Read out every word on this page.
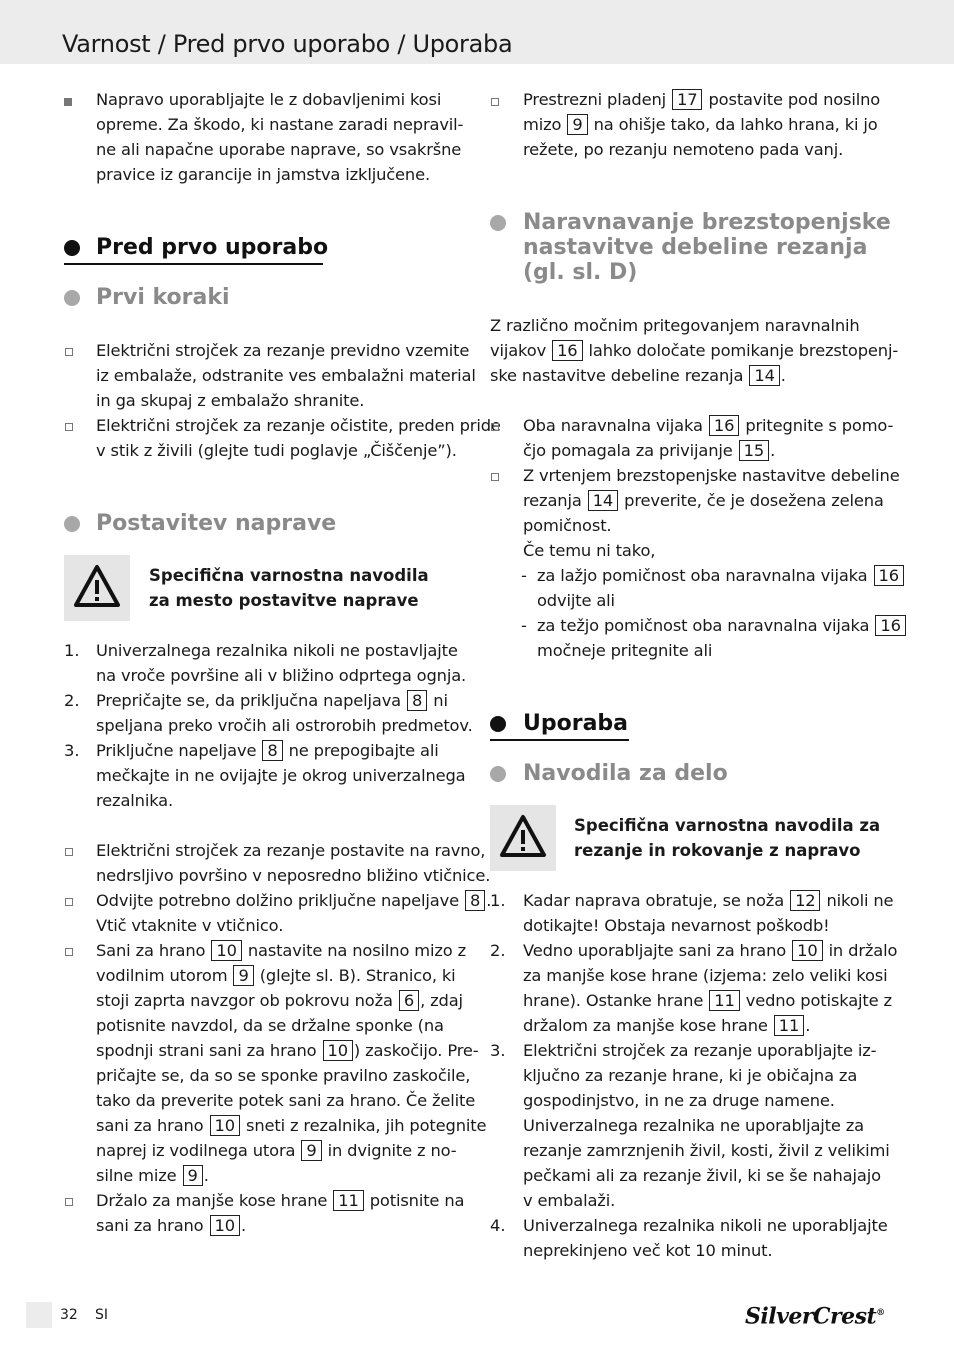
Varnost / Pred prvo uporabo / Uporaba
Napravo uporabljajte le z dobavljenimi kosi
opreme. Za škodo, ki nastane zaradi nepravil-
ne ali napačne uporabe naprave, so vsakršne
pravice iz garancije in jamstva izključene.
Pred prvo uporabo
Prvi koraki
Električni strojček za rezanje previdno vzemite
iz embalaže, odstranite ves embalažni material
in ga skupaj z embalažo shranite.
Električni strojček za rezanje očistite, preden pride
v stik z živili (glejte tudi poglavje „Čiščenje”).
Postavitev naprave
Specifična varnostna navodila
za mesto postavitve naprave
1. Univerzalnega rezalnika nikoli ne postavljajte
na vroče površine ali v bližino odprtega ognja.
2. Prepričajte se, da priključna napeljava 8 ni
speljana preko vročih ali ostrorobih predmetov.
3. Priključne napeljave 8 ne prepogibajte ali
mečkajte in ne ovijajte je okrog univerzalnega
rezalnika.
Električni strojček za rezanje postavite na ravno,
nedrsljivo površino v neposredno bližino vtičnice.
Odvijte potrebno dolžino priključne napeljave 8 .
Vtič vtaknite v vtičnico.
Sani za hrano 10 nastavite na nosilno mizo z
vodilnim utorom 9 (glejte sl. B). Stranico, ki
stoji zaprta navzgor ob pokrovu noža 6 , zdaj
potisnite navzdol, da se držalne sponke (na
spodnji strani sani za hrano 10 ) zaskočijo. Pre-
pričajte se, da so se sponke pravilno zaskočile,
tako da preverite potek sani za hrano. Če želite
sani za hrano 10 sneti z rezalnika, jih potegnite
naprej iz vodilnega utora 9 in dvignite z no-
silne mize 9 .
Držalo za manjše kose hrane 11 potisnite na
sani za hrano 10 .
Prestrezni pladenj 17 postavite pod nosilno
mizo 9 na ohišje tako, da lahko hrana, ki jo
režete, po rezanju nemoteno pada vanj.
Naravnavanje brezstopenjske
nastavitve debeline rezanja
(gl. sl. D)
Z različno močnim pritegovanjem naravnalnih
vijakov 16 lahko določate pomikanje brezstopenj-
ske nastavitve debeline rezanja 14 .
Oba naravnalna vijaka 16 pritegnite s pomo-
čjo pomagala za privijanje 15 .
Z vrtenjem brezstopenjske nastavitve debeline
rezanja 14 preverite, če je dosežena zelena
pomičnost.
Če temu ni tako,
- za lažjo pomičnost oba naravnalna vijaka 16
odvijte ali
- za težjo pomičnost oba naravnalna vijaka 16
močneje pritegnite ali
Uporaba
Navodila za delo
Specifična varnostna navodila za
rezanje in rokovanje z napravo
1. Kadar naprava obratuje, se noža 12 nikoli ne
dotikajte! Obstaja nevarnost poškodb!
2. Vedno uporabljajte sani za hrano 10 in držalo
za manjše kose hrane (izjema: zelo veliki kosi
hrane). Ostanke hrane 11 vedno potiskajte z
držalom za manjše kose hrane 11 .
3. Električni strojček za rezanje uporabljajte iz-
ključno za rezanje hrane, ki je običajna za
gospodinjstvo, in ne za druge namene.
Univerzalnega rezalnika ne uporabljajte za
rezanje zamrznjenih živil, kosti, živil z velikimi
pečkami ali za rezanje živil, ki se še nahajajo
v embalaži.
4. Univerzalnega rezalnika nikoli ne uporabljajte
neprekinjeno več kot 10 minut.
32 SI	SilverCrest®
